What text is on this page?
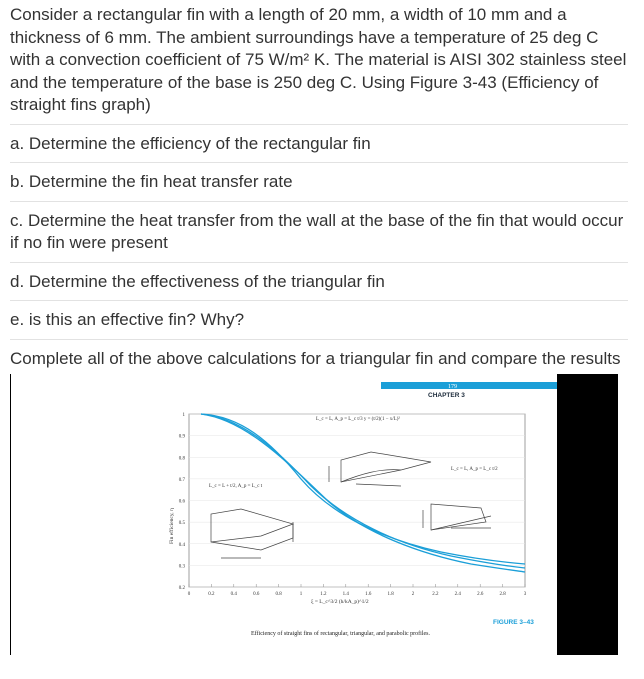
Consider a rectangular fin with a length of 20 mm, a width of 10 mm and a thickness of 6 mm. The ambient surroundings have a temperature of 25 deg C with a convection coefficient of 75 W/m² K. The material is AISI 302 stainless steel and the temperature of the base is 250 deg C. Using Figure 3-43 (Efficiency of straight fins graph)

a. Determine the efficiency of the rectangular fin

b. Determine the fin heat transfer rate

c. Determine the heat transfer from the wall at the base of the fin that would occur if no fin were present

d. Determine the effectiveness of the triangular fin

e. is this an effective fin? Why?

Complete all of the above calculations for a triangular fin and compare the results

179
CHAPTER 3
1
0.9
0.8
0.7
0.6
0.5
0.4
0.3
0.2
0	0.2	0.4	0.6	0.8	1	1.2	1.4	1.6	1.8	2	2.2	2.4	2.6	2.8	3
Fin efficiency, η
ξ = L_c^3/2 (h/kA_p)^1/2
L_c = L, A_p = L_c t/3 y = (t/2)(1 − x/L)²
L_c = L, A_p = L_c t/2
L_c = L + t/2, A_p = L_c t
FIGURE 3–43
Efficiency of straight fins of rectangular, triangular, and parabolic profiles.
